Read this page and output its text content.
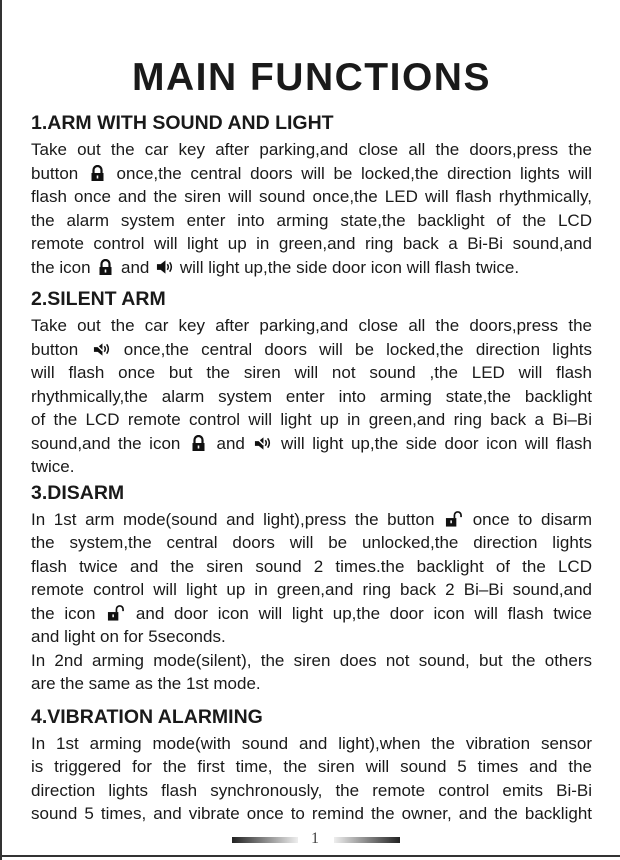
MAIN FUNCTIONS
1.ARM WITH SOUND AND LIGHT
Take out the car key after parking,and close all the doors,press the
button once,the central doors will be locked,the direction lights will
flash once and the siren will sound once,the LED will flash rhythmically,
the alarm system enter into arming state,the backlight of the LCD
remote control will light up in green,and ring back a Bi-Bi sound,and
the icon and will light up,the side door icon will flash twice.
2.SILENT ARM
Take out the car key after parking,and close all the doors,press the
button	once,the central doors will be locked,the direction lights
will flash once but the siren will not sound ,the LED will flash
rhythmically,the alarm system enter into arming state,the backlight
of the LCD remote control will light up in green,and ring back a Bi–Bi
sound,and the icon and will light up,the side door icon will flash
twice.
3.DISARM
In 1st arm mode(sound and light),press the button once to disarm
the system,the central doors will be unlocked,the direction lights
flash twice and the siren sound 2 times.the backlight of the LCD
remote control will light up in green,and ring back 2 Bi–Bi sound,and
the icon and door icon will light up,the door icon will flash twice
and light on for 5seconds.
In 2nd arming mode(silent), the siren does not sound, but the others
are the same as the 1st mode.
4.VIBRATION ALARMING
In 1st arming mode(with sound and light),when the vibration sensor
is triggered for the first time, the siren will sound 5 times and the
direction lights flash synchronously, the remote control emits Bi-Bi
sound 5 times, and vibrate once to remind the owner, and the backlight
1
